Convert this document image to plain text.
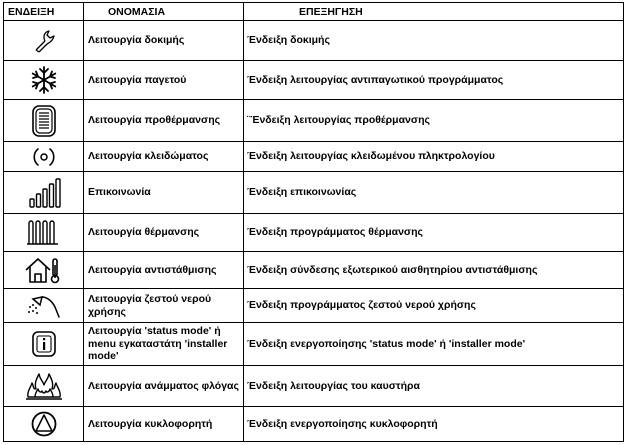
ΕΝΔΕΙΞΗ	ΟΝΟΜΑΣΙΑ	ΕΠΕΞΗΓΗΣΗ

	Λειτουργία δοκιμής	Ένδειξη δοκιμής

	Λειτουργία παγετού	Ένδειξη λειτουργίας αντιπαγωτικού προγράμματος

	Λειτουργία προθέρμανσης	¨Ένδειξη λειτουργίας προθέρμανσης

	Λειτουργία κλειδώματος	Ένδειξη λειτουργίας κλειδωμένου πληκτρολογίου

	Επικοινωνία	Ένδειξη επικοινωνίας

	Λειτουργία θέρμανσης	Ένδειξη προγράμματος θέρμανσης

	Λειτουργία αντιστάθμισης	Ένδειξη σύνδεσης εξωτερικού αισθητηρίου αντιστάθμισης

	Λειτουργία ζεστού νερού χρήσης	Ένδειξη προγράμματος ζεστού νερού χρήσης

	Λειτουργία 'status mode' ή menu εγκαταστάτη 'installer mode'	Ένδειξη ενεργοποίησης 'status mode' ή 'installer mode'

	Λειτουργία ανάμματος φλόγας	Ένδειξη λειτουργίας του καυστήρα

	Λειτουργία κυκλοφορητή	Ένδειξη ενεργοποίησης κυκλοφορητή
